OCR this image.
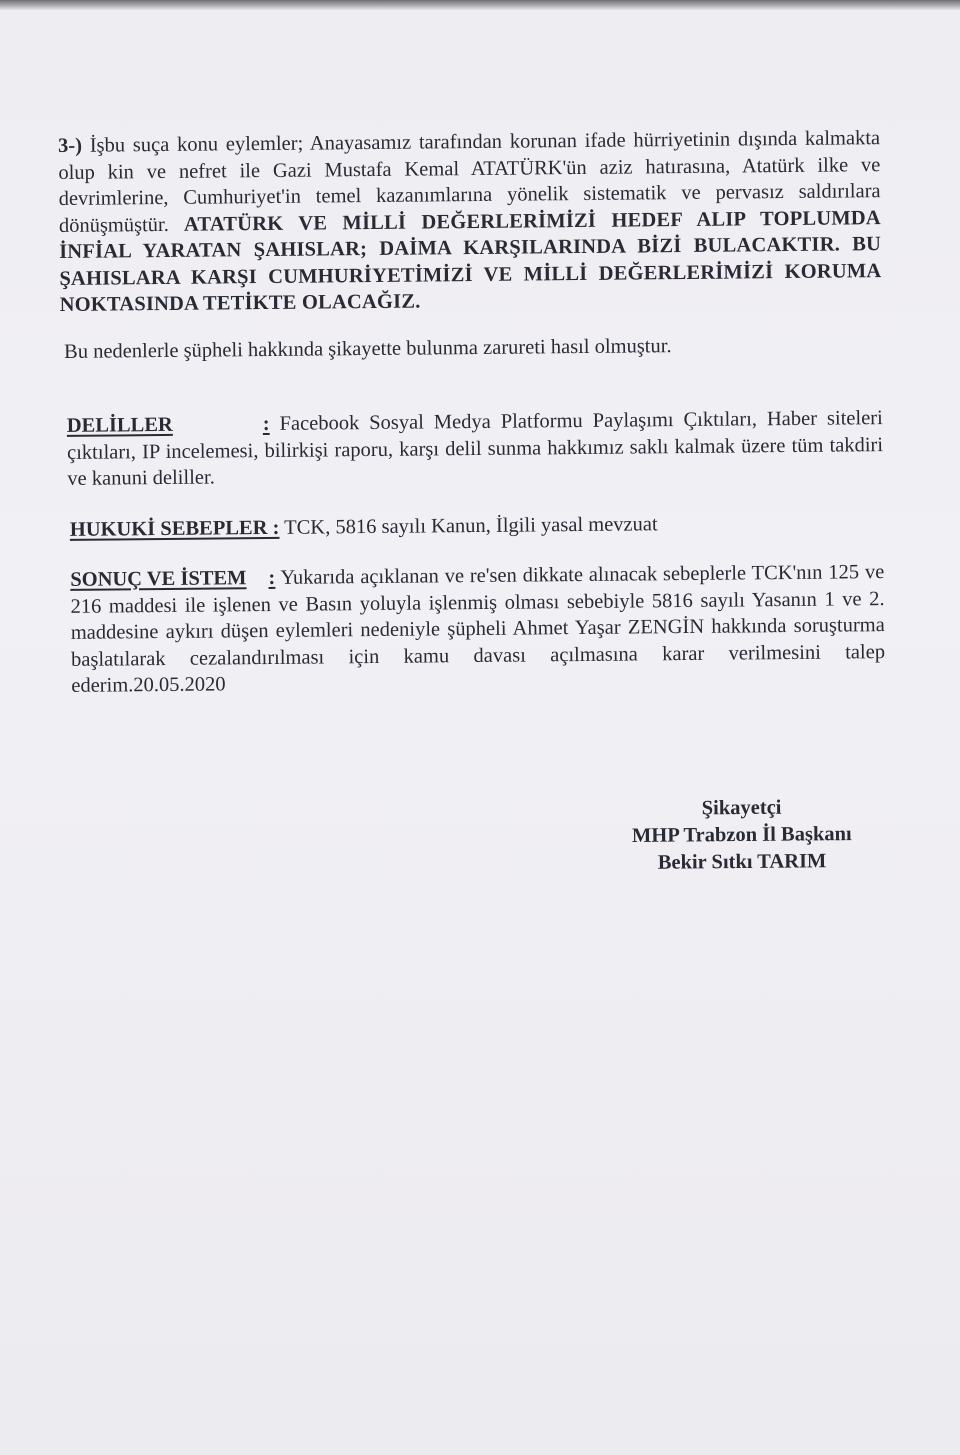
3-) İşbu suça konu eylemler; Anayasamız tarafından korunan ifade hürriyetinin dışında kalmakta olup kin ve nefret ile Gazi Mustafa Kemal ATATÜRK'ün aziz hatırasına, Atatürk ilke ve devrimlerine, Cumhuriyet'in temel kazanımlarına yönelik sistematik ve pervasız saldırılara dönüşmüştür. ATATÜRK VE MİLLİ DEĞERLERİMİZİ HEDEF ALIP TOPLUMDA İNFİAL YARATAN ŞAHISLAR; DAİMA KARŞILARINDA BİZİ BULACAKTIR. BU ŞAHISLARA KARŞI CUMHURİYETİMİZİ VE MİLLİ DEĞERLERİMİZİ KORUMA NOKTASINDA TETİKTE OLACAĞIZ.

Bu nedenlerle şüpheli hakkında şikayette bulunma zarureti hasıl olmuştur.

DELİLLER	: Facebook Sosyal Medya Platformu Paylaşımı Çıktıları, Haber siteleri çıktıları, IP incelemesi, bilirkişi raporu, karşı delil sunma hakkımız saklı kalmak üzere tüm takdiri ve kanuni deliller.

HUKUKİ SEBEPLER : TCK, 5816 sayılı Kanun, İlgili yasal mevzuat

SONUÇ VE İSTEM : Yukarıda açıklanan ve re'sen dikkate alınacak sebeplerle TCK'nın 125 ve 216 maddesi ile işlenen ve Basın yoluyla işlenmiş olması sebebiyle 5816 sayılı Yasanın 1 ve 2. maddesine aykırı düşen eylemleri nedeniyle şüpheli Ahmet Yaşar ZENGİN hakkında soruşturma başlatılarak cezalandırılması için kamu davası açılmasına karar verilmesini talep ederim.20.05.2020

Şikayetçi
MHP Trabzon İl Başkanı
Bekir Sıtkı TARIM
